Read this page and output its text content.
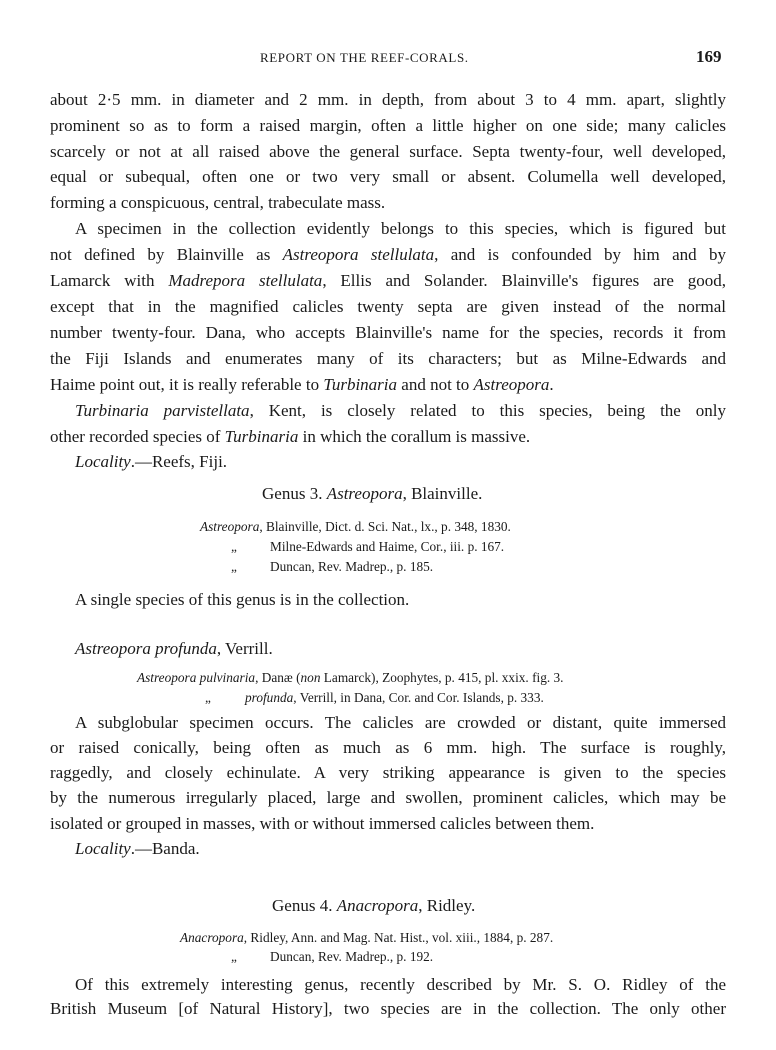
REPORT ON THE REEF-CORALS.	169
about 2·5 mm. in diameter and 2 mm. in depth, from about 3 to 4 mm. apart, slightly
prominent so as to form a raised margin, often a little higher on one side; many calicles
scarcely or not at all raised above the general surface. Septa twenty-four, well developed,
equal or subequal, often one or two very small or absent. Columella well developed,
forming a conspicuous, central, trabeculate mass.
A specimen in the collection evidently belongs to this species, which is figured but
not defined by Blainville as Astreopora stellulata, and is confounded by him and by
Lamarck with Madrepora stellulata, Ellis and Solander. Blainville's figures are good,
except that in the magnified calicles twenty septa are given instead of the normal
number twenty-four. Dana, who accepts Blainville's name for the species, records it from
the Fiji Islands and enumerates many of its characters; but as Milne-Edwards and
Haime point out, it is really referable to Turbinaria and not to Astreopora.
Turbinaria parvistellata, Kent, is closely related to this species, being the only
other recorded species of Turbinaria in which the corallum is massive.
Locality.—Reefs, Fiji.
Genus 3. Astreopora, Blainville.
Astreopora, Blainville, Dict. d. Sci. Nat., lx., p. 348, 1830.
„ Milne-Edwards and Haime, Cor., iii. p. 167.
„ Duncan, Rev. Madrep., p. 185.
A single species of this genus is in the collection.
Astreopora profunda, Verrill.
Astreopora pulvinaria, Danæ (non Lamarck), Zoophytes, p. 415, pl. xxix. fig. 3.
„	profunda, Verrill, in Dana, Cor. and Cor. Islands, p. 333.
A subglobular specimen occurs. The calicles are crowded or distant, quite immersed
or raised conically, being often as much as 6 mm. high. The surface is roughly,
raggedly, and closely echinulate. A very striking appearance is given to the species
by the numerous irregularly placed, large and swollen, prominent calicles, which may be
isolated or grouped in masses, with or without immersed calicles between them.
Locality.—Banda.
Genus 4. Anacropora, Ridley.
Anacropora, Ridley, Ann. and Mag. Nat. Hist., vol. xiii., 1884, p. 287.
„ Duncan, Rev. Madrep., p. 192.
Of this extremely interesting genus, recently described by Mr. S. O. Ridley of the
British Museum [of Natural History], two species are in the collection. The only other
